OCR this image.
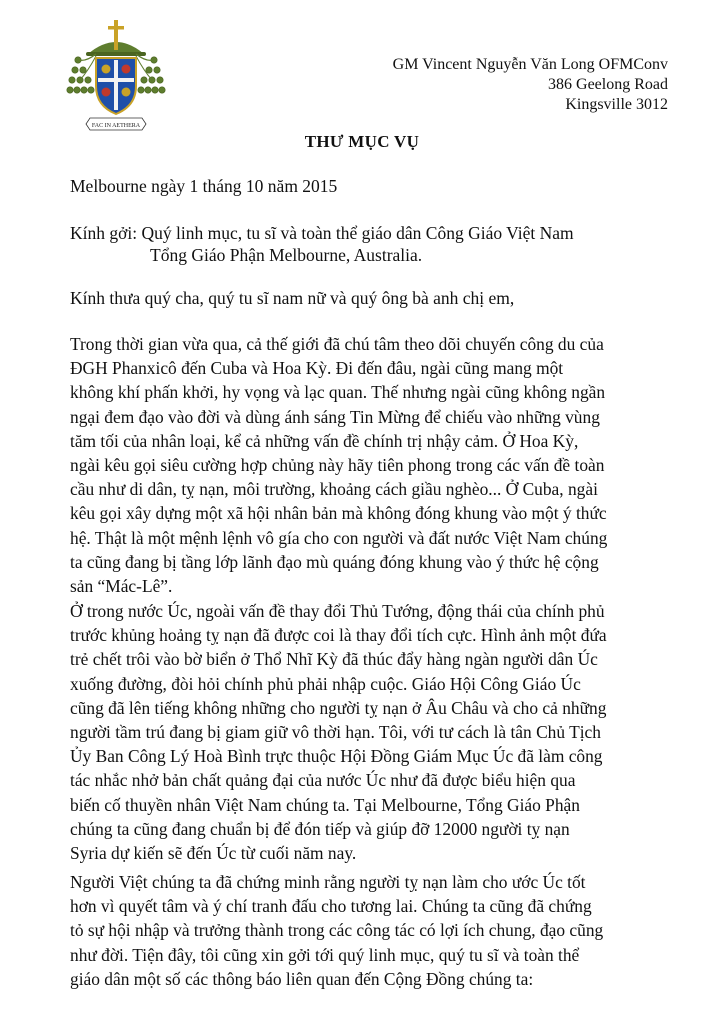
FAC IN AETHERA
GM Vincent Nguyễn Văn Long OFMConv
386 Geelong Road
Kingsville 3012
THƯ MỤC VỤ
Melbourne ngày 1 tháng 10 năm 2015
Kính gởi: Quý linh mục, tu sĩ và toàn thể giáo dân Công Giáo Việt Nam
Tổng Giáo Phận Melbourne, Australia.
Kính thưa quý cha, quý tu sĩ nam nữ và quý ông bà anh chị em,
Trong thời gian vừa qua, cả thế giới đã chú tâm theo dõi chuyến công du của
ĐGH Phanxicô đến Cuba và Hoa Kỳ. Đi đến đâu, ngài cũng mang một
không khí phấn khởi, hy vọng và lạc quan. Thế nhưng ngài cũng không ngần
ngại đem đạo vào đời và dùng ánh sáng Tin Mừng để chiếu vào những vùng
tăm tối của nhân loại, kể cả những vấn đề chính trị nhậy cảm. Ở Hoa Kỳ,
ngài kêu gọi siêu cường hợp chủng này hãy tiên phong trong các vấn đề toàn
cầu như di dân, tỵ nạn, môi trường, khoảng cách giầu nghèo... Ở Cuba, ngài
kêu gọi xây dựng một xã hội nhân bản mà không đóng khung vào một ý thức
hệ. Thật là một mệnh lệnh vô gía cho con người và đất nước Việt Nam chúng
ta cũng đang bị tầng lớp lãnh đạo mù quáng đóng khung vào ý thức hệ cộng
sản “Mác-Lê”.
Ở trong nước Úc, ngoài vấn đề thay đổi Thủ Tướng, động thái của chính phủ
trước khủng hoảng tỵ nạn đã được coi là thay đổi tích cực. Hình ảnh một đứa
trẻ chết trôi vào bờ biển ở Thổ Nhĩ Kỳ đã thúc đẩy hàng ngàn người dân Úc
xuống đường, đòi hỏi chính phủ phải nhập cuộc. Giáo Hội Công Giáo Úc
cũng đã lên tiếng không những cho người tỵ nạn ở Âu Châu và cho cả những
người tầm trú đang bị giam giữ vô thời hạn. Tôi, với tư cách là tân Chủ Tịch
Ủy Ban Công Lý Hoà Bình trực thuộc Hội Đồng Giám Mục Úc đã làm công
tác nhắc nhở bản chất quảng đại của nước Úc như đã được biểu hiện qua
biến cố thuyền nhân Việt Nam chúng ta. Tại Melbourne, Tổng Giáo Phận
chúng ta cũng đang chuẩn bị để đón tiếp và giúp đỡ 12000 người tỵ nạn
Syria dự kiến sẽ đến Úc từ cuối năm nay.
Người Việt chúng ta đã chứng minh rằng người tỵ nạn làm cho ước Úc tốt
hơn vì quyết tâm và ý chí tranh đấu cho tương lai. Chúng ta cũng đã chứng
tỏ sự hội nhập và trưởng thành trong các công tác có lợi ích chung, đạo cũng
như đời. Tiện đây, tôi cũng xin gởi tới quý linh mục, quý tu sĩ và toàn thể
giáo dân một số các thông báo liên quan đến Cộng Đồng chúng ta:
